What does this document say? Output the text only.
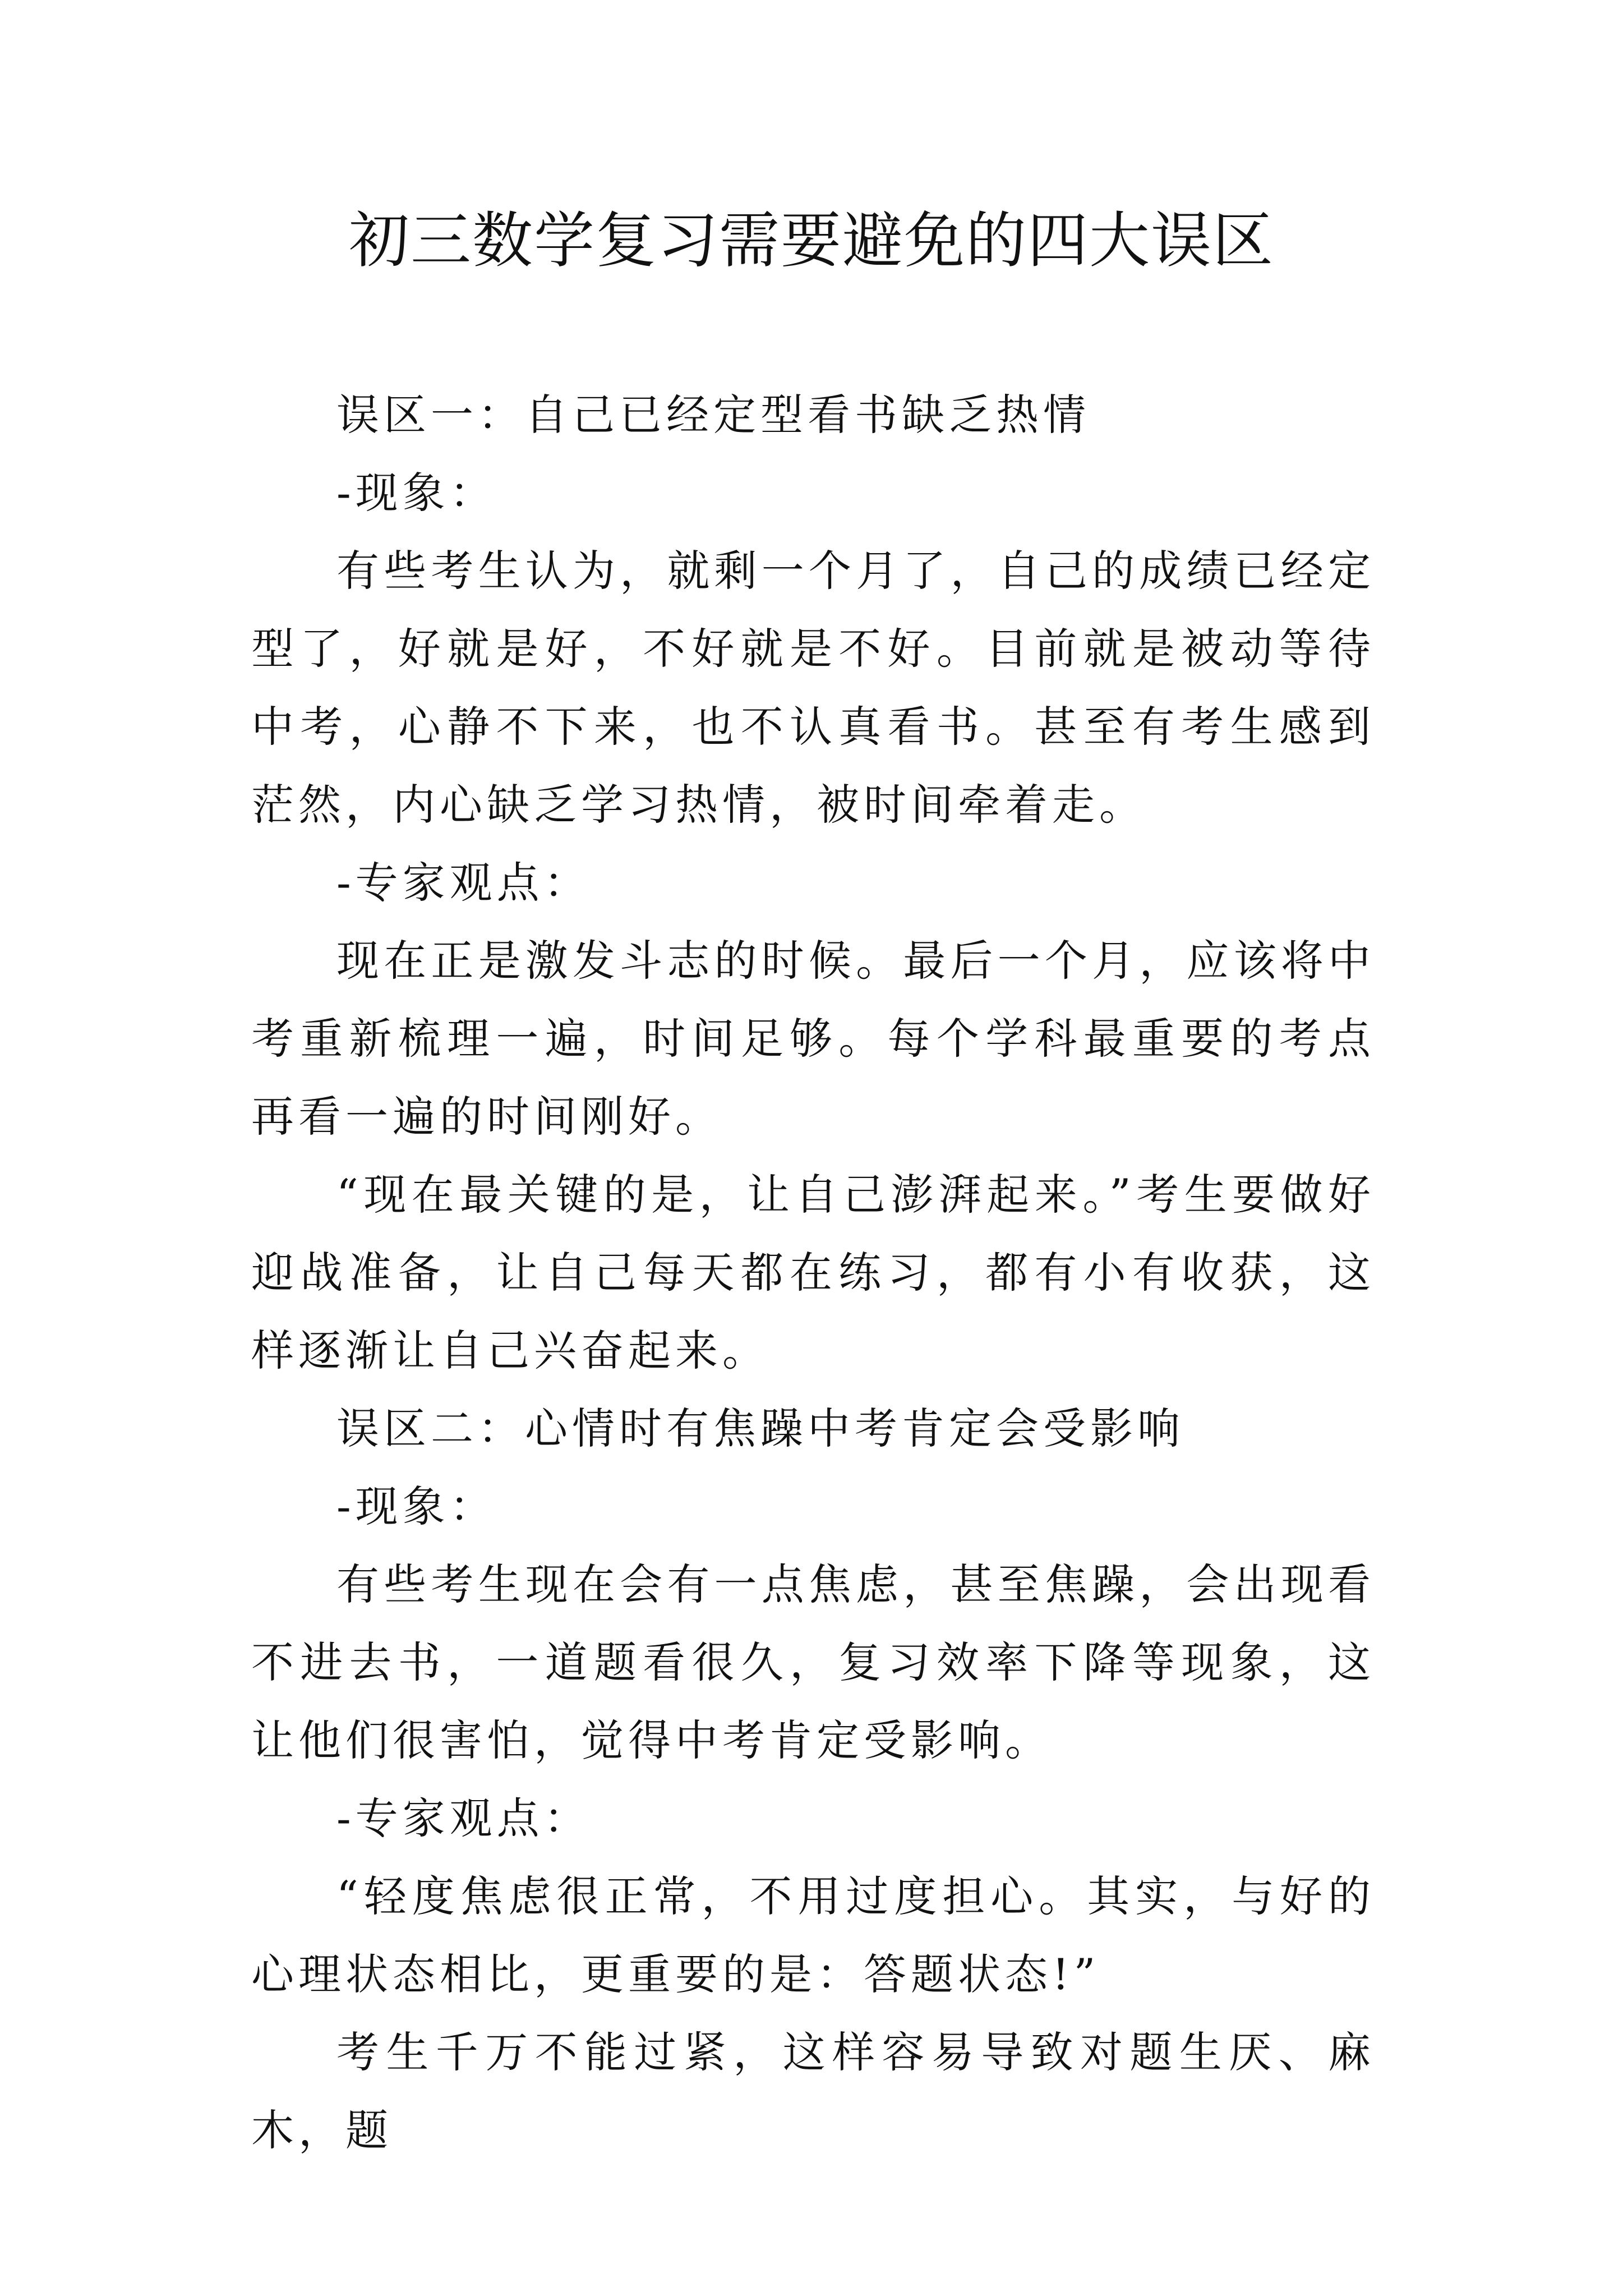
初三数学复习需要避免的四大误区

误区一：自己已经定型看书缺乏热情

-现象：

有些考生认为，就剩一个月了，自己的成绩已经定型了，好就是好，不好就是不好。目前就是被动等待中考，心静不下来，也不认真看书。甚至有考生感到茫然，内心缺乏学习热情，被时间牵着走。

-专家观点：

现在正是激发斗志的时候。最后一个月，应该将中考重新梳理一遍，时间足够。每个学科最重要的考点再看一遍的时间刚好。

“现在最关键的是，让自己澎湃起来。”考生要做好迎战准备，让自己每天都在练习，都有小有收获，这样逐渐让自己兴奋起来。

误区二：心情时有焦躁中考肯定会受影响

-现象：

有些考生现在会有一点焦虑，甚至焦躁，会出现看不进去书，一道题看很久，复习效率下降等现象，这让他们很害怕，觉得中考肯定受影响。

-专家观点：

“轻度焦虑很正常，不用过度担心。其实，与好的心理状态相比，更重要的是：答题状态!”

考生千万不能过紧，这样容易导致对题生厌、麻木，题
